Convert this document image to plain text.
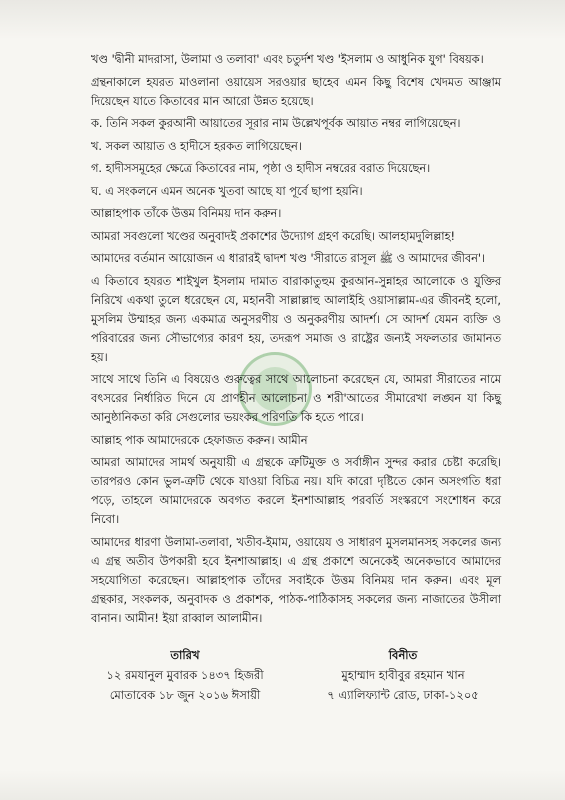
খণ্ড 'দ্বীনী মাদরাসা, উলামা ও তলাবা' এবং চতুর্দশ খণ্ড 'ইসলাম ও আধুনিক যুগ' বিষয়ক।

গ্রন্থনাকালে হযরত মাওলানা ওয়ায়েস সরওয়ার ছাহেব এমন কিছু বিশেষ খেদমত আঞ্জাম দিয়েছেন যাতে কিতাবের মান আরো উন্নত হয়েছে।

ক. তিনি সকল কুরআনী আয়াতের সূরার নাম উল্লেখপূর্বক আয়াত নম্বর লাগিয়েছেন।

খ. সকল আয়াত ও হাদীসে হরকত লাগিয়েছেন।

গ. হাদীসসমূহের ক্ষেত্রে কিতাবের নাম, পৃষ্ঠা ও হাদীস নম্বরের বরাত দিয়েছেন।

ঘ. এ সংকলনে এমন অনেক খুতবা আছে যা পূর্বে ছাপা হয়নি।

আল্লাহপাক তাঁকে উত্তম বিনিময় দান করুন।

আমরা সবগুলো খণ্ডের অনুবাদই প্রকাশের উদ্যোগ গ্রহণ করেছি। আলহামদুলিল্লাহ!

আমাদের বর্তমান আয়োজন এ ধারারই দ্বাদশ খণ্ড 'সীরাতে রাসূল ﷺ ও আমাদের জীবন'।

এ কিতাবে হযরত শাইখুল ইসলাম দামাত বারাকাতুহুম কুরআন-সুন্নাহর আলোকে ও যুক্তির নিরিখে একথা তুলে ধরেছেন যে, মহানবী সাল্লাল্লাহু আলাইহি ওয়াসাল্লাম-এর জীবনই হলো, মুসলিম উম্মাহর জন্য একমাত্র অনুসরণীয় ও অনুকরণীয় আদর্শ। সে আদর্শ যেমন ব্যক্তি ও পরিবারের জন্য সৌভাগ্যের কারণ হয়, তদরূপ সমাজ ও রাষ্ট্রের জন্যই সফলতার জামানত হয়।

সাথে সাথে তিনি এ বিষয়েও গুরুত্বের সাথে আলোচনা করেছেন যে, আমরা সীরাতের নামে বৎসরের নির্ধারিত দিনে যে প্রাণহীন আলোচনা ও শরী'আতের সীমারেখা লঙ্ঘন যা কিছু আনুষ্ঠানিকতা করি সেগুলোর ভয়ংকর পরিণতি কি হতে পারে।

আল্লাহ পাক আমাদেরকে হেফাজত করুন। আমীন

আমরা আমাদের সামর্থ অনুযায়ী এ গ্রন্থকে ত্রুটিমুক্ত ও সর্বাঙ্গীন সুন্দর করার চেষ্টা করেছি। তারপরও কোন ভুল-ত্রুটি থেকে যাওয়া বিচিত্র নয়। যদি কারো দৃষ্টিতে কোন অসংগতি ধরা পড়ে, তাহলে আমাদেরকে অবগত করলে ইনশাআল্লাহ পরবর্তি সংস্করণে সংশোধন করে নিবো।

আমাদের ধারণা উলামা-তলাবা, খতীব-ইমাম, ওয়ায়েয ও সাধারণ মুসলমানসহ সকলের জন্য এ গ্রন্থ অতীব উপকারী হবে ইনশাআল্লাহ। এ গ্রন্থ প্রকাশে অনেকেই অনেকভাবে আমাদের সহযোগিতা করেছেন। আল্লাহপাক তাঁদের সবাইকে উত্তম বিনিময় দান করুন। এবং মূল গ্রন্থকার, সংকলক, অনুবাদক ও প্রকাশক, পাঠক-পাঠিকাসহ সকলের জন্য নাজাতের উসীলা বানান। আমীন! ইয়া রাব্বাল আলামীন।

তারিখ
১২ রমযানুল মুবারক ১৪৩৭ হিজরী
মোতাবেক ১৮ জুন ২০১৬ ঈসায়ী
বিনীত
মুহাম্মাদ হাবীবুর রহমান খান
৭ এ্যালিফ্যান্ট রোড, ঢাকা-১২০৫
